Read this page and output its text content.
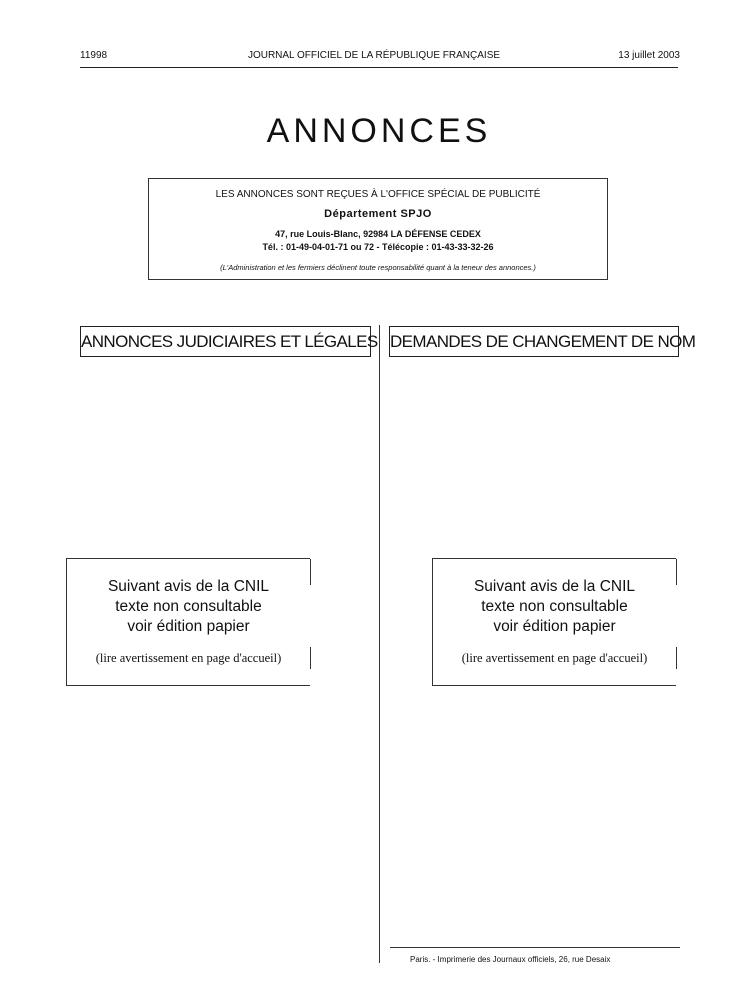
11998	JOURNAL OFFICIEL DE LA RÉPUBLIQUE FRANÇAISE	13 juillet 2003
ANNONCES
LES ANNONCES SONT REÇUES À L'OFFICE SPÉCIAL DE PUBLICITÉ
Département SPJO
47, rue Louis-Blanc, 92984 LA DÉFENSE CEDEX
Tél. : 01-49-04-01-71 ou 72 - Télécopie : 01-43-33-32-26
(L'Administration et les fermiers déclinent toute responsabilité quant à la teneur des annonces.)
ANNONCES JUDICIAIRES ET LÉGALES DEMANDES DE CHANGEMENT DE NOM
Suivant avis de la CNIL
texte non consultable
voir édition papier
(lire avertissement en page d'accueil)
Suivant avis de la CNIL
texte non consultable
voir édition papier
(lire avertissement en page d'accueil)
Paris. - Imprimerie des Journaux officiels, 26, rue Desaix
